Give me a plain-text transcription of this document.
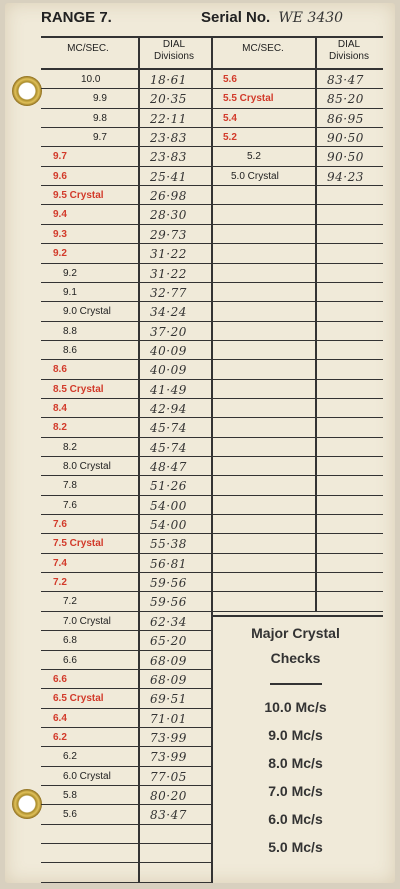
RANGE 7.	Serial No. WE 3430
MC/SEC.	DIAL
Divisions
MC/SEC.	DIAL
Divisions
10.0	18·61
9.9	20·35
9.8	22·11
9.7	23·83
9.7	23·83
9.6	25·41
9.5 Crystal	26·98
9.4	28·30
9.3	29·73
9.2	31·22
9.2	31·22
9.1	32·77
9.0 Crystal	34·24
8.8	37·20
8.6	40·09
8.6	40·09
8.5 Crystal	41·49
8.4	42·94
8.2	45·74
8.2	45·74
8.0 Crystal	48·47
7.8	51·26
7.6	54·00
7.6	54·00
7.5 Crystal	55·38
7.4	56·81
7.2	59·56
7.2	59·56
7.0 Crystal	62·34
6.8	65·20
6.6	68·09
6.6	68·09
6.5 Crystal	69·51
6.4	71·01
6.2	73·99
6.2	73·99
6.0 Crystal	77·05
5.8	80·20
5.6	83·47
5.6	83·47
5.5 Crystal	85·20
5.4	86·95
5.2	90·50
5.2	90·50
5.0 Crystal	94·23
Major Crystal
Checks
10.0 Mc/s
9.0 Mc/s
8.0 Mc/s
7.0 Mc/s
6.0 Mc/s
5.0 Mc/s
